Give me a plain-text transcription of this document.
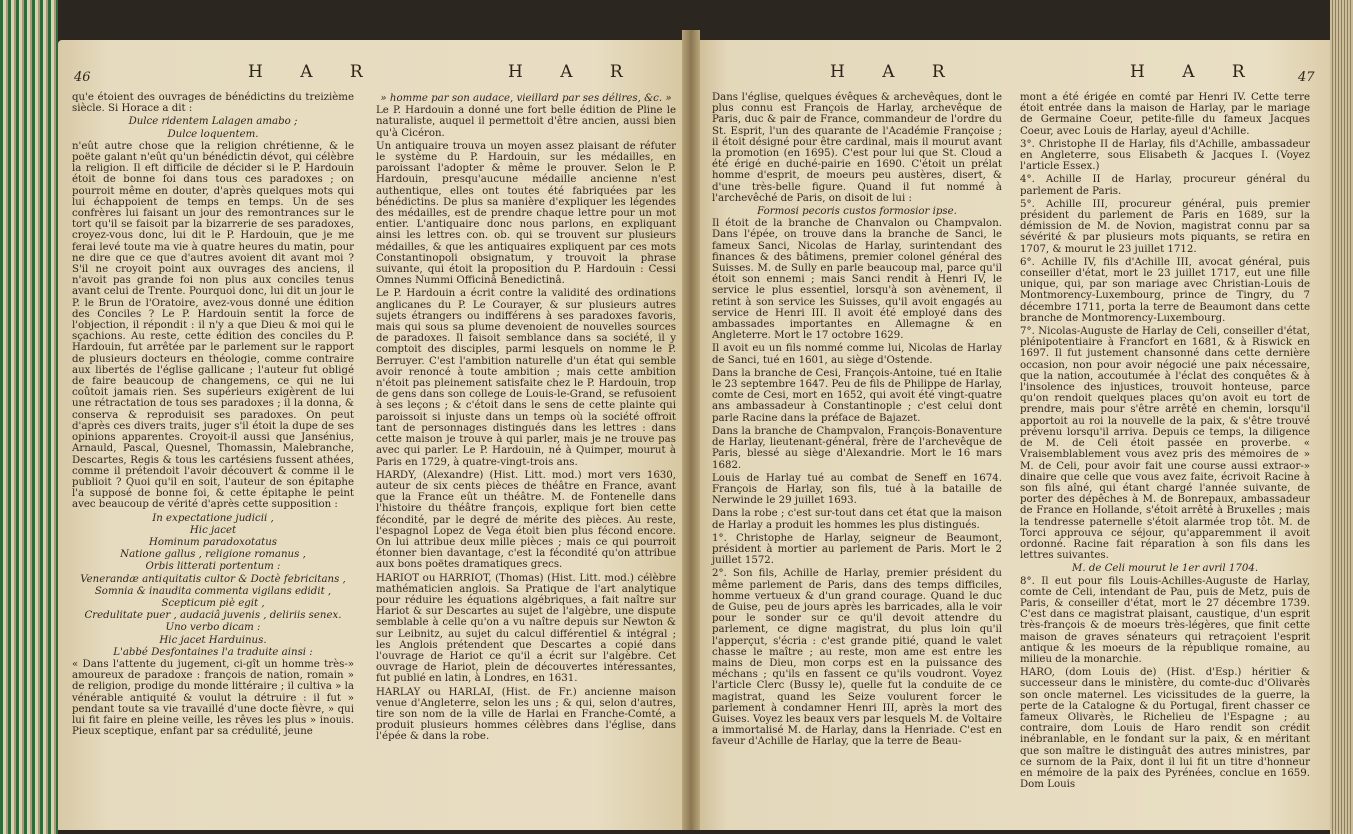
46	H A R	H A R

qu'e étoient des ouvrages de bénédictins du treizième siècle. Si Horace a dit :

Dulce ridentem Lalagen amabo ;

Dulce loquentem.

n'eût autre chose que la religion chrétienne, & le poëte galant n'eût qu'un bénédictin dévot, qui célèbre la religion. Il eft difficile de décider si le P. Hardouin étoit de bonne foi dans tous ces paradoxes ; on pourroit même en douter, d'après quelques mots qui lui échappoient de temps en temps. Un de ses confrères lui faisant un jour des remontrances sur le tort qu'il se faisoit par la bizarrerie de ses paradoxes, croyez-vous donc, lui dit le P. Hardouin, que je me ferai levé toute ma vie à quatre heures du matin, pour ne dire que ce que d'autres avoient dit avant moi ? S'il ne croyoit point aux ouvrages des anciens, il n'avoit pas grande foi non plus aux conciles tenus avant celui de Trente. Pourquoi donc, lui dit un jour le P. le Brun de l'Oratoire, avez-vous donné une édition des Conciles ? Le P. Hardouin sentit la force de l'objection, il répondit : il n'y a que Dieu & moi qui le sçachions. Au reste, cette édition des conciles du P. Hardouin, fut arrêtée par le parlement sur le rapport de plusieurs docteurs en théologie, comme contraire aux libertés de l'église gallicane ; l'auteur fut obligé de faire beaucoup de changemens, ce qui ne lui coûtoit jamais rien. Ses supérieurs exigèrent de lui une rétractation de tous ses paradoxes ; il la donna, & conserva & reproduisit ses paradoxes. On peut d'après ces divers traits, juger s'il étoit la dupe de ses opinions apparentes. Croyoit-il aussi que Jansénius, Arnauld, Pascal, Quesnel, Thomassin, Malebranche, Descartes, Regis & tous les cartésiens fussent athées, comme il prétendoit l'avoir découvert & comme il le publioit ? Quoi qu'il en soit, l'auteur de son épitaphe l'a supposé de bonne foi, & cette épitaphe le peint avec beaucoup de vérité d'après cette supposition :

In expectatione judicii ,

Hic jacet

Hominum paradoxotatus

Natione gallus , religione romanus ,

Orbis litterati portentum :

Venerandæ antiquitatis cultor & Doctè febricitans ,

Somnia & inaudita commenta vigilans edidit ,

Scepticum piè egit ,

Credulitate puer , audaciâ juvenis , deliriis senex.

Uno verbo dicam :

Hic jacet Harduinus.

L'abbé Desfontaines l'a traduite ainsi :

« Dans l'attente du jugement, ci-gît un homme très-» amoureux de paradoxe : françois de nation, romain » de religion, prodige du monde littéraire ; il cultiva » la vénérable antiquité & voulut la détruire : il fut » pendant toute sa vie travaillé d'une docte fièvre, » qui lui fit faire en pleine veille, les rêves les plus » inouis. Pieux sceptique, enfant par sa crédulité, jeune

» homme par son audace, vieillard par ses délires, &c. »

Le P. Hardouin a donné une fort belle édition de Pline le naturaliste, auquel il permettoit d'être ancien, aussi bien qu'à Cicéron.

Un antiquaire trouva un moyen assez plaisant de réfuter le système du P. Hardouin, sur les médailles, en paroissant l'adopter & même le prouver. Selon le P. Hardouin, presqu'aucune médaille ancienne n'est authentique, elles ont toutes été fabriquées par les bénédictins. De plus sa manière d'expliquer les légendes des médailles, est de prendre chaque lettre pour un mot entier. L'antiquaire donc nous parlons, en expliquant ainsi les lettres con. ob. qui se trouvent sur plusieurs médailles, & que les antiquaires expliquent par ces mots Constantinopoli obsignatum, y trouvoit la phrase suivante, qui étoit la proposition du P. Hardouin : Cessi Omnes Nummi Officinâ Benedictinâ.

Le P. Hardouin a écrit contre la validité des ordinations anglicanes du P. Le Courayer, & sur plusieurs autres sujets étrangers ou indifférens à ses paradoxes favoris, mais qui sous sa plume devenoient de nouvelles sources de paradoxes. Il faisoit semblance dans sa société, il y comptoit des disciples, parmi lesquels on nomme le P. Berruyer. C'est l'ambition naturelle d'un état qui semble avoir renoncé à toute ambition ; mais cette ambition n'étoit pas pleinement satisfaite chez le P. Hardouin, trop de gens dans son college de Louis-le-Grand, se refusoient à ses leçons ; & c'étoit dans le sens de cette plainte qui paroissoit si injuste dans un temps où la société offroit tant de personnages distingués dans les lettres : dans cette maison je trouve à qui parler, mais je ne trouve pas avec qui parler. Le P. Hardouin, né à Quimper, mourut à Paris en 1729, à quatre-vingt-trois ans.

HARDY, (Alexandre) (Hist. Litt. mod.) mort vers 1630, auteur de six cents pièces de théâtre en France, avant que la France eût un théâtre. M. de Fontenelle dans l'histoire du théâtre françois, explique fort bien cette fécondité, par le degré de mérite des pièces. Au reste, l'espagnol Lopez de Vega étoit bien plus fécond encore. On lui attribue deux mille pièces ; mais ce qui pourroit étonner bien davantage, c'est la fécondité qu'on attribue aux bons poëtes dramatiques grecs.

HARIOT ou HARRIOT, (Thomas) (Hist. Litt. mod.) célèbre mathématicien anglois. Sa Pratique de l'art analytique pour réduire les équations algébriques, a fait naître sur Hariot & sur Descartes au sujet de l'algèbre, une dispute semblable à celle qu'on a vu naître depuis sur Newton & sur Leibnitz, au sujet du calcul différentiel & intégral ; les Anglois prétendent que Descartes a copié dans l'ouvrage de Hariot ce qu'il a écrit sur l'algèbre. Cet ouvrage de Hariot, plein de découvertes intéressantes, fut publié en latin, à Londres, en 1631.

HARLAY ou HARLAI, (Hist. de Fr.) ancienne maison venue d'Angleterre, selon les uns ; & qui, selon d'autres, tire son nom de la ville de Harlai en Franche-Comté, a produit plusieurs hommes célèbres dans l'église, dans l'épée & dans la robe.

H A R	H A R	47

Dans l'église, quelques évêques & archevêques, dont le plus connu est François de Harlay, archevêque de Paris, duc & pair de France, commandeur de l'ordre du St. Esprit, l'un des quarante de l'Académie Françoise ; il étoit désigné pour être cardinal, mais il mourut avant la promotion (en 1695). C'est pour lui que St. Cloud a été érigé en duché-pairie en 1690. C'étoit un prélat homme d'esprit, de moeurs peu austères, disert, & d'une très-belle figure. Quand il fut nommé à l'archevêché de Paris, on disoit de lui :

Formosi pecoris custos formosior ipse.

Il étoit de la branche de Chanvalon ou Champvalon. Dans l'épée, on trouve dans la branche de Sanci, le fameux Sanci, Nicolas de Harlay, surintendant des finances & des bâtimens, premier colonel général des Suisses. M. de Sully en parle beaucoup mal, parce qu'il étoit son ennemi ; mais Sanci rendit à Henri IV, le service le plus essentiel, lorsqu'à son avènement, il retint à son service les Suisses, qu'il avoit engagés au service de Henri III. Il avoit été employé dans des ambassades importantes en Allemagne & en Angleterre. Mort le 17 octobre 1629.

Il avoit eu un fils nommé comme lui, Nicolas de Harlay de Sanci, tué en 1601, au siège d'Ostende.

Dans la branche de Cesi, François-Antoine, tué en Italie le 23 septembre 1647. Peu de fils de Philippe de Harlay, comte de Cesi, mort en 1652, qui avoit été vingt-quatre ans ambassadeur à Constantinople ; c'est celui dont parle Racine dans la préface de Bajazet.

Dans la branche de Champvalon, François-Bonaventure de Harlay, lieutenant-général, frère de l'archevêque de Paris, blessé au siège d'Alexandrie. Mort le 16 mars 1682.

Louis de Harlay tué au combat de Seneff en 1674. François de Harlay, son fils, tué à la bataille de Nerwinde le 29 juillet 1693.

Dans la robe ; c'est sur-tout dans cet état que la maison de Harlay a produit les hommes les plus distingués.

1°. Christophe de Harlay, seigneur de Beaumont, président à mortier au parlement de Paris. Mort le 2 juillet 1572.

2°. Son fils, Achille de Harlay, premier président du même parlement de Paris, dans des temps difficiles, homme vertueux & d'un grand courage. Quand le duc de Guise, peu de jours après les barricades, alla le voir pour le sonder sur ce qu'il devoit attendre du parlement, ce digne magistrat, du plus loin qu'il l'apperçut, s'écria : c'est grande pitié, quand le valet chasse le maître ; au reste, mon ame est entre les mains de Dieu, mon corps est en la puissance des méchans ; qu'ils en fassent ce qu'ils voudront. Voyez l'article Clerc (Bussy le), quelle fut la conduite de ce magistrat, quand les Seize voulurent forcer le parlement à condamner Henri III, après la mort des Guises. Voyez les beaux vers par lesquels M. de Voltaire a immortalisé M. de Harlay, dans la Henriade. C'est en faveur d'Achille de Harlay, que la terre de Beau-

mont a été érigée en comté par Henri IV. Cette terre étoit entrée dans la maison de Harlay, par le mariage de Germaine Coeur, petite-fille du fameux Jacques Coeur, avec Louis de Harlay, ayeul d'Achille.

3°. Christophe II de Harlay, fils d'Achille, ambassadeur en Angleterre, sous Elisabeth & Jacques I. (Voyez l'article Essex.)

4°. Achille II de Harlay, procureur général du parlement de Paris.

5°. Achille III, procureur général, puis premier président du parlement de Paris en 1689, sur la démission de M. de Novion, magistrat connu par sa sévérité & par plusieurs mots piquants, se retira en 1707, & mourut le 23 juillet 1712.

6°. Achille IV, fils d'Achille III, avocat général, puis conseiller d'état, mort le 23 juillet 1717, eut une fille unique, qui, par son mariage avec Christian-Louis de Montmorency-Luxembourg, prince de Tingry, du 7 décembre 1711, porta la terre de Beaumont dans cette branche de Montmorency-Luxembourg.

7°. Nicolas-Auguste de Harlay de Celi, conseiller d'état, plénipotentiaire à Francfort en 1681, & à Riswick en 1697. Il fut justement chansonné dans cette dernière occasion, non pour avoir négocié une paix nécessaire, que la nation, accoutumée à l'éclat des conquêtes & à l'insolence des injustices, trouvoit honteuse, parce qu'on rendoit quelques places qu'on avoit eu tort de prendre, mais pour s'être arrêté en chemin, lorsqu'il apportoit au roi la nouvelle de la paix, & s'être trouvé prévenu lorsqu'il arriva. Depuis ce temps, la diligence de M. de Celi étoit passée en proverbe. « Vraisemblablement vous avez pris des mémoires de » M. de Celi, pour avoir fait une course aussi extraor-» dinaire que celle que vous avez faite, écrivoit Racine à son fils aîné, qui étant chargé l'année suivante, de porter des dépêches à M. de Bonrepaux, ambassadeur de France en Hollande, s'étoit arrêté à Bruxelles ; mais la tendresse paternelle s'étoit alarmée trop tôt. M. de Torci approuva ce séjour, qu'apparemment il avoit ordonné. Racine fait réparation à son fils dans les lettres suivantes.

M. de Celi mourut le 1er avril 1704.

8°. Il eut pour fils Louis-Achilles-Auguste de Harlay, comte de Celi, intendant de Pau, puis de Metz, puis de Paris, & conseiller d'état, mort le 27 décembre 1739. C'est dans ce magistrat plaisant, caustique, d'un esprit très-françois & de moeurs très-légères, que finit cette maison de graves sénateurs qui retraçoient l'esprit antique & les moeurs de la république romaine, au milieu de la monarchie.

HARO, (dom Louis de) (Hist. d'Esp.) héritier & successeur dans le ministère, du comte-duc d'Olivarès son oncle maternel. Les vicissitudes de la guerre, la perte de la Catalogne & du Portugal, firent chasser ce fameux Olivarès, le Richelieu de l'Espagne ; au contraire, dom Louis de Haro rendit son crédit inébranlable, en le fondant sur la paix, & en méritant que son maître le distinguât des autres ministres, par ce surnom de la Paix, dont il lui fit un titre d'honneur en mémoire de la paix des Pyrénées, conclue en 1659. Dom Louis
